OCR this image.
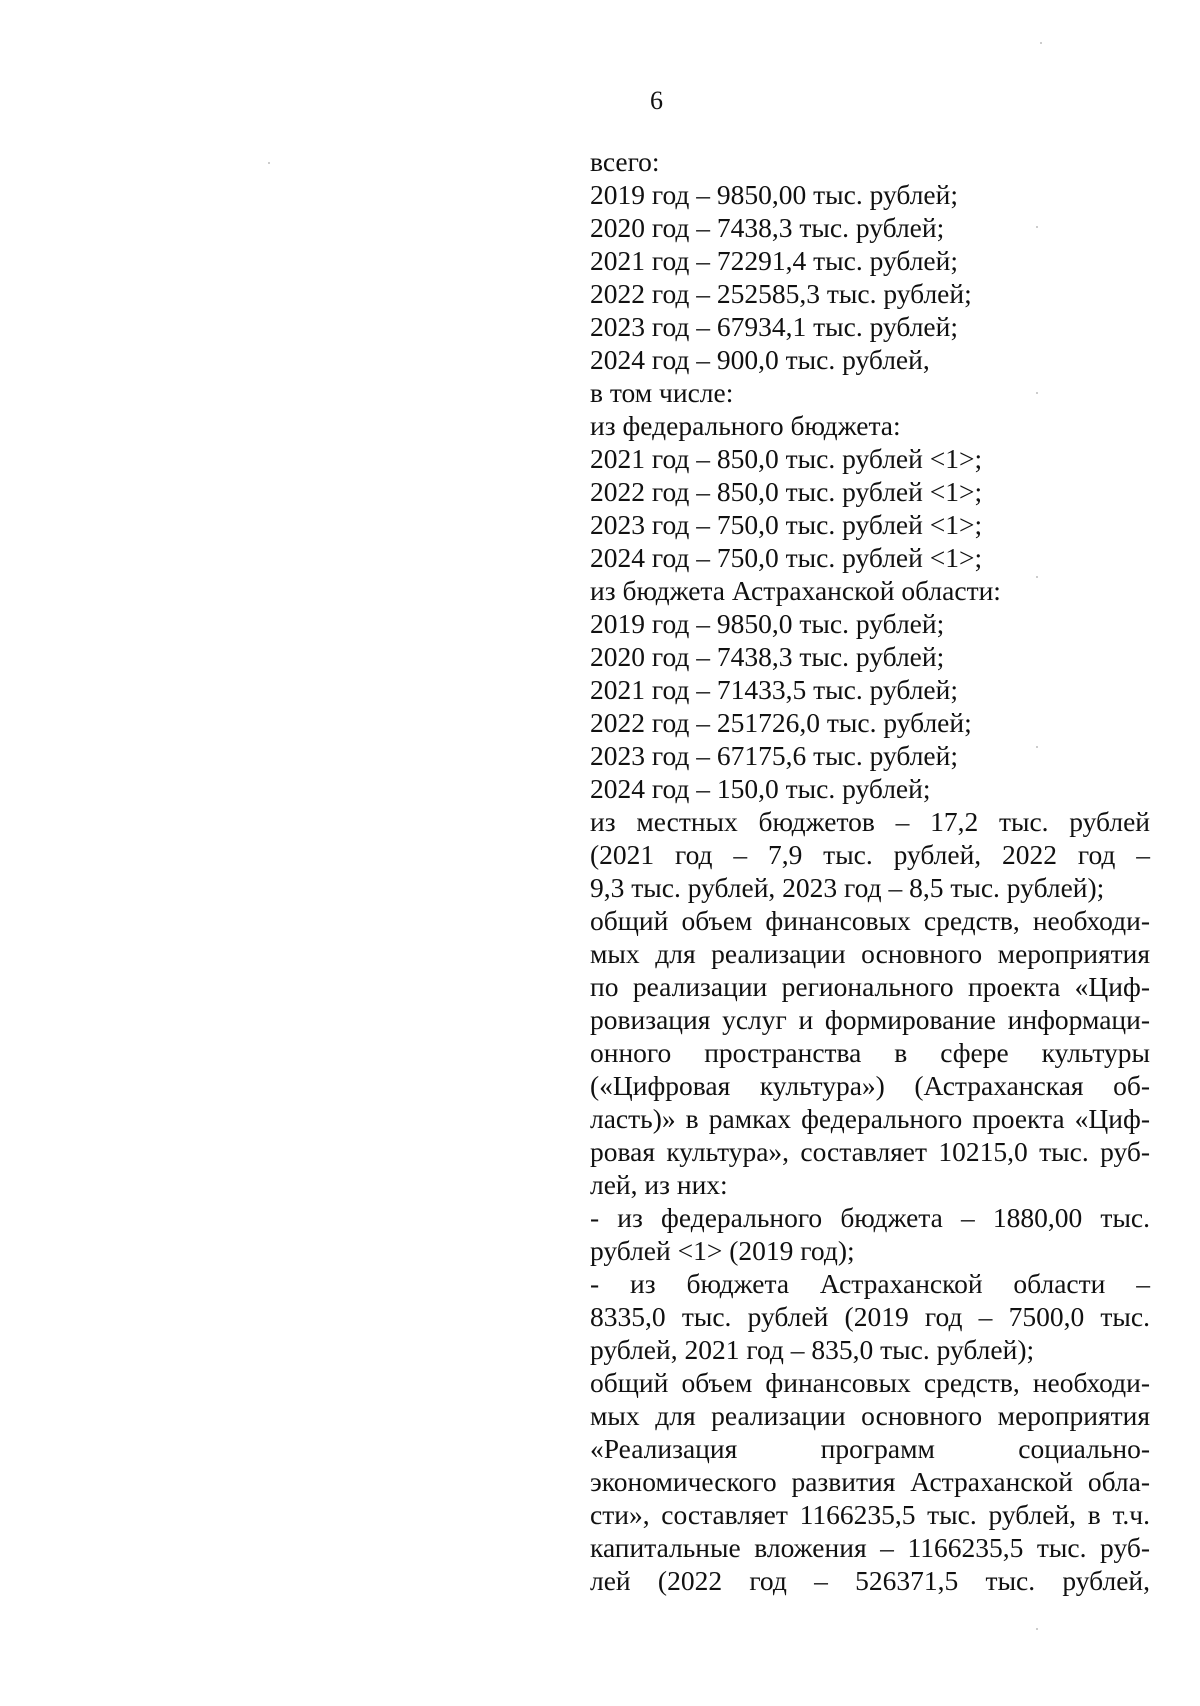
6
всего:
2019 год – 9850,00 тыс. рублей;
2020 год – 7438,3 тыс. рублей;
2021 год – 72291,4 тыс. рублей;
2022 год – 252585,3 тыс. рублей;
2023 год – 67934,1 тыс. рублей;
2024 год – 900,0 тыс. рублей,
в том числе:
из федерального бюджета:
2021 год – 850,0 тыс. рублей <1>;
2022 год – 850,0 тыс. рублей <1>;
2023 год – 750,0 тыс. рублей <1>;
2024 год – 750,0 тыс. рублей <1>;
из бюджета Астраханской области:
2019 год – 9850,0 тыс. рублей;
2020 год – 7438,3 тыс. рублей;
2021 год – 71433,5 тыс. рублей;
2022 год – 251726,0 тыс. рублей;
2023 год – 67175,6 тыс. рублей;
2024 год – 150,0 тыс. рублей;
из местных бюджетов – 17,2 тыс. рублей
(2021 год – 7,9 тыс. рублей, 2022 год –
9,3 тыс. рублей, 2023 год – 8,5 тыс. рублей);
общий объем финансовых средств, необходи-
мых для реализации основного мероприятия
по реализации регионального проекта «Циф-
ровизация услуг и формирование информаци-
онного пространства в сфере культуры
(«Цифровая культура») (Астраханская об-
ласть)» в рамках федерального проекта «Циф-
ровая культура», составляет 10215,0 тыс. руб-
лей, из них:
- из федерального бюджета – 1880,00 тыс.
рублей <1> (2019 год);
- из бюджета Астраханской области –
8335,0 тыс. рублей (2019 год – 7500,0 тыс.
рублей, 2021 год – 835,0 тыс. рублей);
общий объем финансовых средств, необходи-
мых для реализации основного мероприятия
«Реализация программ социально-
экономического развития Астраханской обла-
сти», составляет 1166235,5 тыс. рублей, в т.ч.
капитальные вложения – 1166235,5 тыс. руб-
лей (2022 год – 526371,5 тыс. рублей,
